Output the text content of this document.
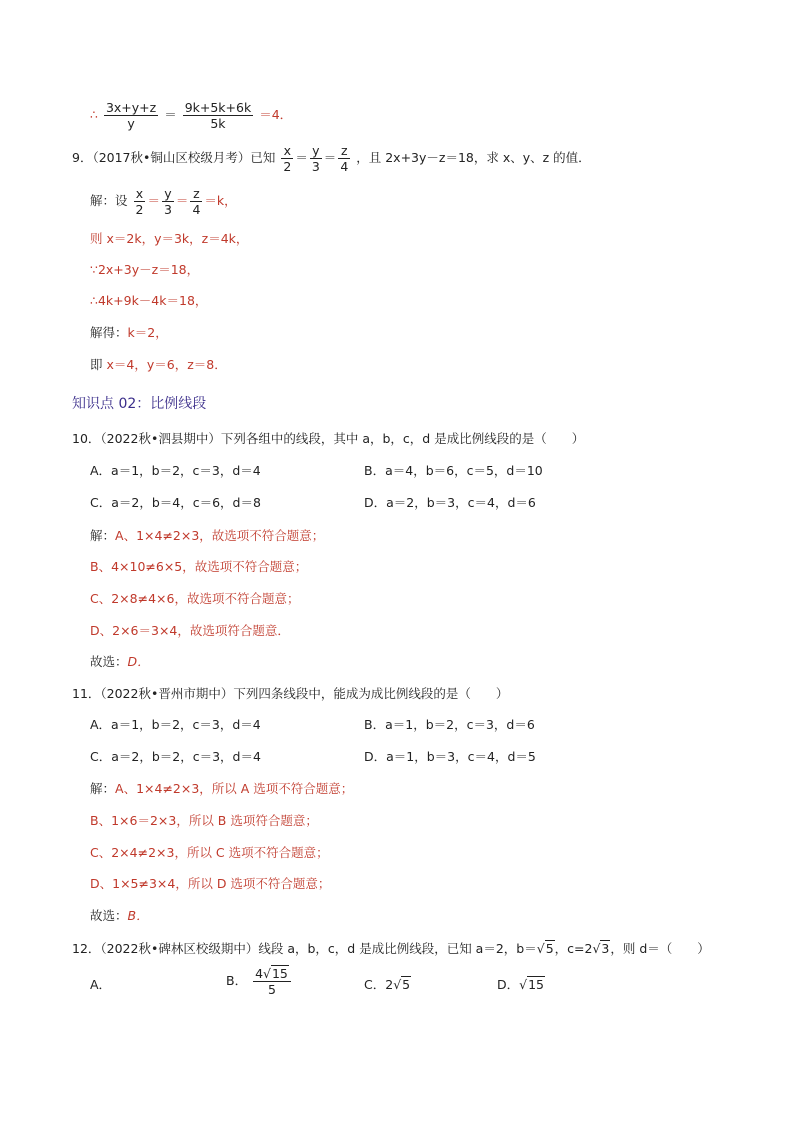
∴ $\frac{3x+y+z}{y} = \frac{9k+5k+6k}{5k} =4$．
9．（2017秋•铜山区校级月考）已知 $\frac{x}{2} = \frac{y}{3} = \frac{z}{4}$ ，且 2x+3y－z＝18，求 x、y、z 的值．
解：设 $\frac{x}{2} = \frac{y}{3} = \frac{z}{4} =k$，
则 x＝2k，y＝3k，z＝4k，
∵2x+3y－z＝18，
∴4k+9k－4k＝18，
解得：k＝2，
即 x＝4，y＝6，z＝8．
知识点 02：比例线段
10．（2022秋•泗县期中）下列各组中的线段，其中 a，b，c，d 是成比例线段的是（　　）
A．a＝1，b＝2，c＝3，d＝4	B．a＝4，b＝6，c＝5，d＝10
C．a＝2，b＝4，c＝6，d＝8	D．a＝2，b＝3，c＝4，d＝6
解：A、1×4≠2×3，故选项不符合题意；
B、4×10≠6×5，故选项不符合题意；
C、2×8≠4×6，故选项不符合题意；
D、2×6＝3×4，故选项符合题意．
故选：D．
11．（2022秋•晋州市期中）下列四条线段中，能成为成比例线段的是（　　）
A．a＝1，b＝2，c＝3，d＝4	B．a＝1，b＝2，c＝3，d＝6
C．a＝2，b＝2，c＝3，d＝4	D．a＝1，b＝3，c＝4，d＝5
解：A、1×4≠2×3，所以 A 选项不符合题意；
B、1×6＝2×3，所以 B 选项符合题意；
C、2×4≠2×3，所以 C 选项不符合题意；
D、1×5≠3×4，所以 D 选项不符合题意；
故选：B．
12．（2022秋•碑林区校级期中）线段 a，b，c，d 是成比例线段，已知 a＝2，b＝√5，c=2√3，则 d＝（　　）
A．	B． $\frac{4√15}{5}$	C．2√5	D．√15
